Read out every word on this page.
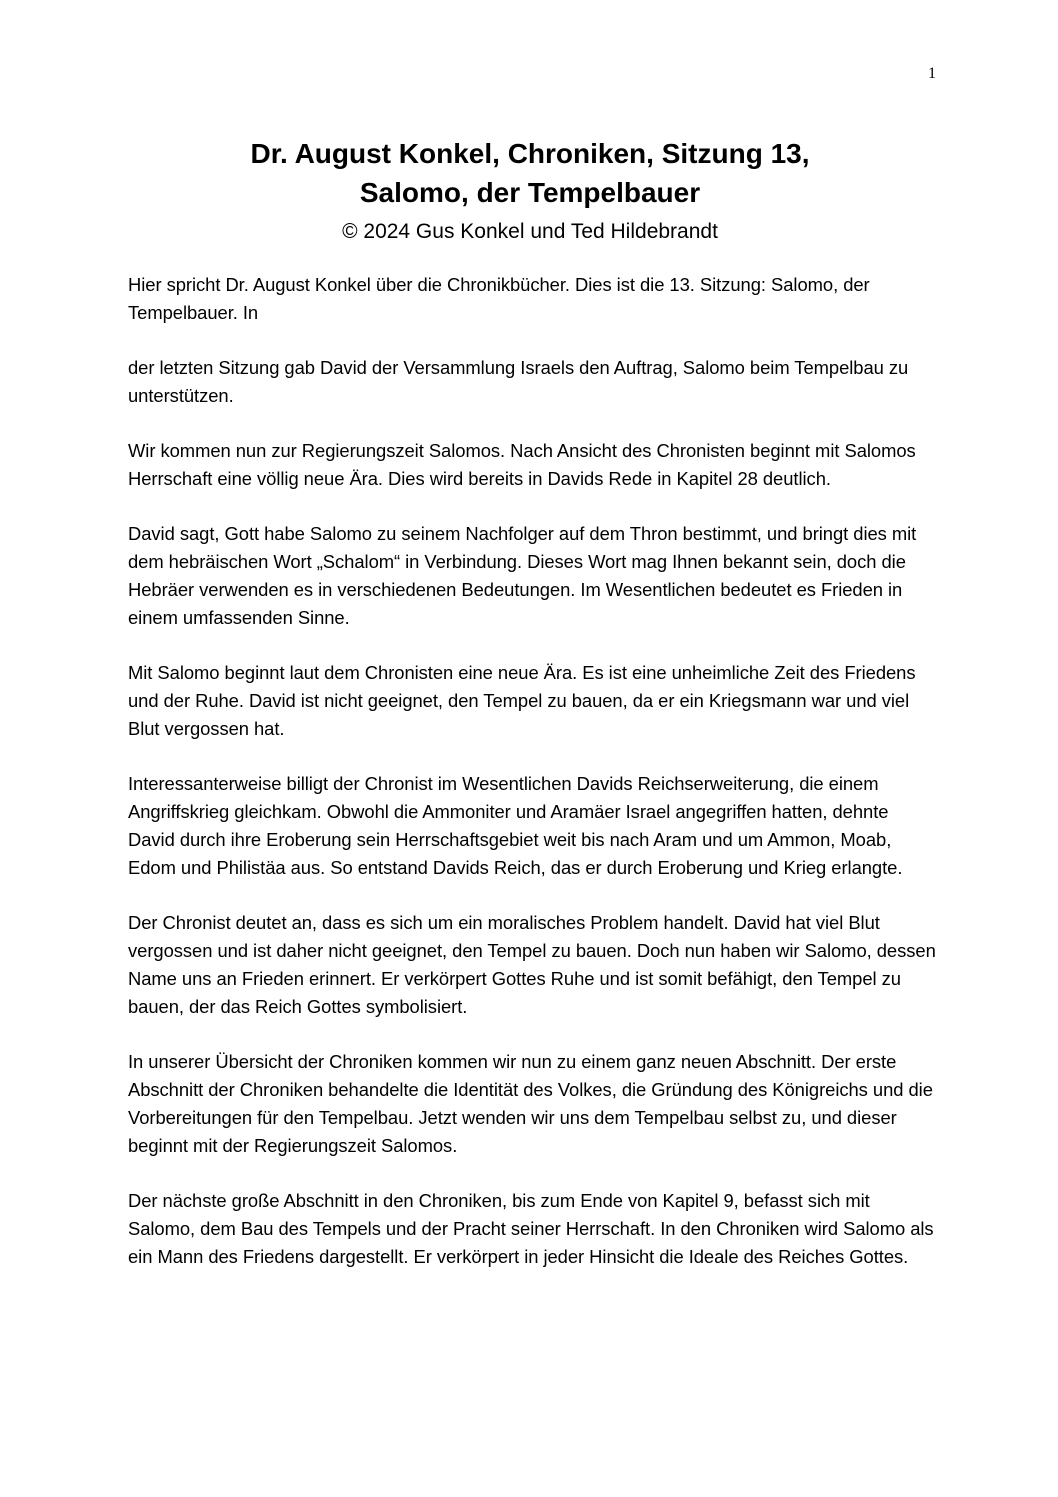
1
Dr. August Konkel, Chroniken, Sitzung 13,
Salomo, der Tempelbauer
© 2024 Gus Konkel und Ted Hildebrandt

Hier spricht Dr. August Konkel über die Chronikbücher. Dies ist die 13. Sitzung: Salomo, der Tempelbauer. In

der letzten Sitzung gab David der Versammlung Israels den Auftrag, Salomo beim Tempelbau zu unterstützen.

Wir kommen nun zur Regierungszeit Salomos. Nach Ansicht des Chronisten beginnt mit Salomos Herrschaft eine völlig neue Ära. Dies wird bereits in Davids Rede in Kapitel 28 deutlich.

David sagt, Gott habe Salomo zu seinem Nachfolger auf dem Thron bestimmt, und bringt dies mit dem hebräischen Wort „Schalom“ in Verbindung. Dieses Wort mag Ihnen bekannt sein, doch die Hebräer verwenden es in verschiedenen Bedeutungen. Im Wesentlichen bedeutet es Frieden in einem umfassenden Sinne.

Mit Salomo beginnt laut dem Chronisten eine neue Ära. Es ist eine unheimliche Zeit des Friedens und der Ruhe. David ist nicht geeignet, den Tempel zu bauen, da er ein Kriegsmann war und viel Blut vergossen hat.

Interessanterweise billigt der Chronist im Wesentlichen Davids Reichserweiterung, die einem Angriffskrieg gleichkam. Obwohl die Ammoniter und Aramäer Israel angegriffen hatten, dehnte David durch ihre Eroberung sein Herrschaftsgebiet weit bis nach Aram und um Ammon, Moab, Edom und Philistäa aus. So entstand Davids Reich, das er durch Eroberung und Krieg erlangte.

Der Chronist deutet an, dass es sich um ein moralisches Problem handelt. David hat viel Blut vergossen und ist daher nicht geeignet, den Tempel zu bauen. Doch nun haben wir Salomo, dessen Name uns an Frieden erinnert. Er verkörpert Gottes Ruhe und ist somit befähigt, den Tempel zu bauen, der das Reich Gottes symbolisiert.

In unserer Übersicht der Chroniken kommen wir nun zu einem ganz neuen Abschnitt. Der erste Abschnitt der Chroniken behandelte die Identität des Volkes, die Gründung des Königreichs und die Vorbereitungen für den Tempelbau. Jetzt wenden wir uns dem Tempelbau selbst zu, und dieser beginnt mit der Regierungszeit Salomos.

Der nächste große Abschnitt in den Chroniken, bis zum Ende von Kapitel 9, befasst sich mit Salomo, dem Bau des Tempels und der Pracht seiner Herrschaft. In den Chroniken wird Salomo als ein Mann des Friedens dargestellt. Er verkörpert in jeder Hinsicht die Ideale des Reiches Gottes.
